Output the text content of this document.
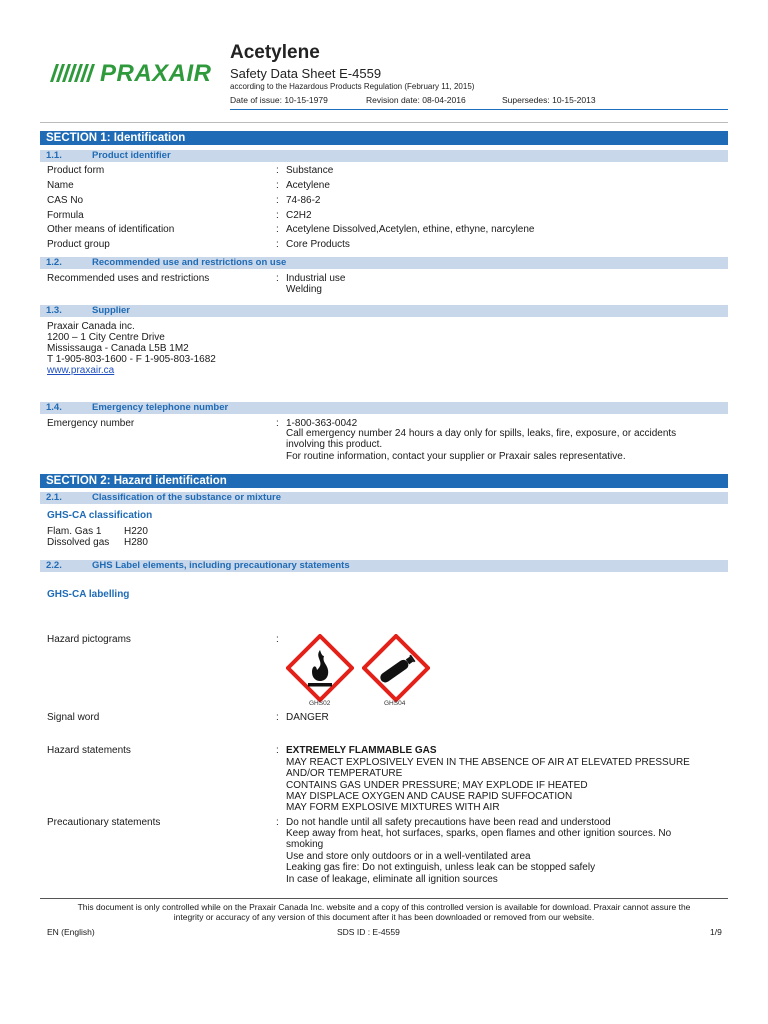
PRAXAIR
Acetylene
Safety Data Sheet E-4559
according to the Hazardous Products Regulation (February 11, 2015)
Date of issue: 10-15-1979	Revision date: 08-04-2016	Supersedes: 10-15-2013
SECTION 1: Identification
1.1.	Product identifier
Product form	: Substance
Name	: Acetylene
CAS No	: 74-86-2
Formula	: C2H2
Other means of identification	: Acetylene Dissolved,Acetylen, ethine, ethyne, narcylene
Product group	: Core Products
1.2.	Recommended use and restrictions on use
Recommended uses and restrictions	: Industrial use
Welding
1.3.	Supplier
Praxair Canada inc.
1200 – 1 City Centre Drive
Mississauga - Canada L5B 1M2
T 1-905-803-1600 - F 1-905-803-1682
www.praxair.ca
1.4.	Emergency telephone number
Emergency number	: 1-800-363-0042
Call emergency number 24 hours a day only for spills, leaks, fire, exposure, or accidents
involving this product.
For routine information, contact your supplier or Praxair sales representative.
SECTION 2: Hazard identification
2.1.	Classification of the substance or mixture
GHS-CA classification
Flam. Gas 1 H220
Dissolved gas H280
2.2.	GHS Label elements, including precautionary statements
GHS-CA labelling
Hazard pictograms	:
GHS02	GHS04
Signal word	: DANGER
Hazard statements	: EXTREMELY FLAMMABLE GAS
MAY REACT EXPLOSIVELY EVEN IN THE ABSENCE OF AIR AT ELEVATED PRESSURE
AND/OR TEMPERATURE
CONTAINS GAS UNDER PRESSURE; MAY EXPLODE IF HEATED
MAY DISPLACE OXYGEN AND CAUSE RAPID SUFFOCATION
MAY FORM EXPLOSIVE MIXTURES WITH AIR
Precautionary statements	: Do not handle until all safety precautions have been read and understood
Keep away from heat, hot surfaces, sparks, open flames and other ignition sources. No
smoking
Use and store only outdoors or in a well-ventilated area
Leaking gas fire: Do not extinguish, unless leak can be stopped safely
In case of leakage, eliminate all ignition sources
This document is only controlled while on the Praxair Canada Inc. website and a copy of this controlled version is available for download. Praxair cannot assure the
integrity or accuracy of any version of this document after it has been downloaded or removed from our website.
EN (English)	SDS ID : E-4559	1/9
